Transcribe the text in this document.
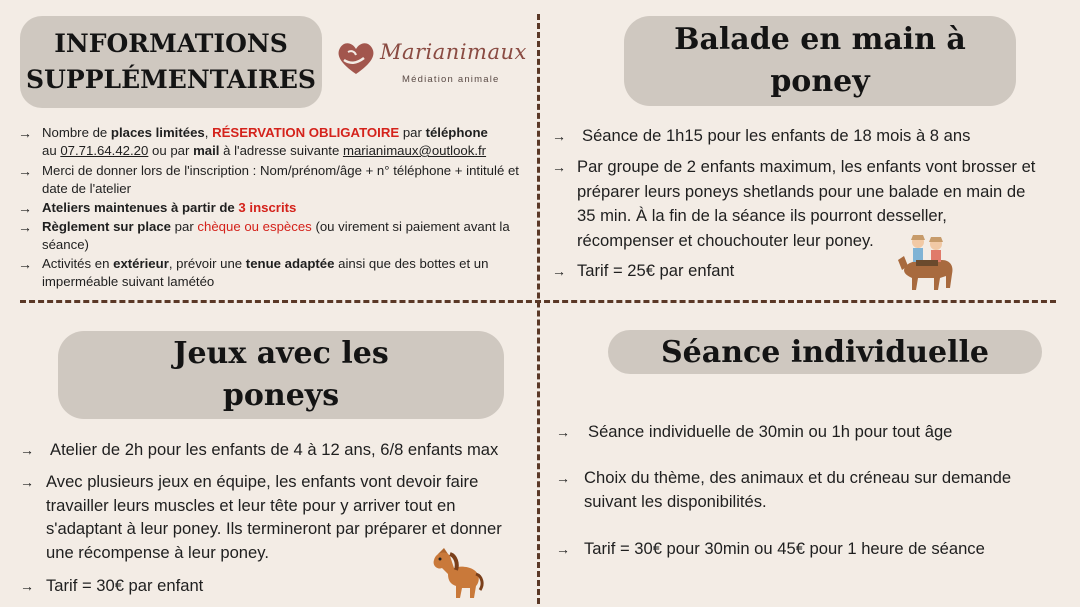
INFORMATIONS
SUPPLÉMENTAIRES
Marianimaux
Médiation animale
→ Nombre de places limitées, RÉSERVATION OBLIGATOIRE par téléphone
au 07.71.64.42.20 ou par mail à l'adresse suivante marianimaux@outlook.fr
→ Merci de donner lors de l'inscription : Nom/prénom/âge + n° téléphone + intitulé et date de l'atelier
→ Ateliers maintenues à partir de 3 inscrits
→ Règlement sur place par chèque ou espèces (ou virement si paiement avant la séance)
→ Activités en extérieur, prévoir une tenue adaptée ainsi que des bottes et un imperméable suivant lamétéo
Balade en main à
poney
→ Séance de 1h15 pour les enfants de 18 mois à 8 ans
→ Par groupe de 2 enfants maximum, les enfants vont brosser et préparer leurs poneys shetlands pour une balade en main de 35 min. À la fin de la séance ils pourront desseller, récompenser et chouchouter leur poney.
→ Tarif = 25€ par enfant
Jeux avec les
poneys
→ Atelier de 2h pour les enfants de 4 à 12 ans, 6/8 enfants max
→ Avec plusieurs jeux en équipe, les enfants vont devoir faire travailler leurs muscles et leur tête pour y arriver tout en s'adaptant à leur poney. Ils termineront par préparer et donner une récompense à leur poney.
→ Tarif = 30€ par enfant
Séance individuelle
→	Séance individuelle de 30min ou 1h pour tout âge
→ Choix du thème, des animaux et du créneau sur demande suivant les disponibilités.
→ Tarif = 30€ pour 30min ou 45€ pour 1 heure de séance
